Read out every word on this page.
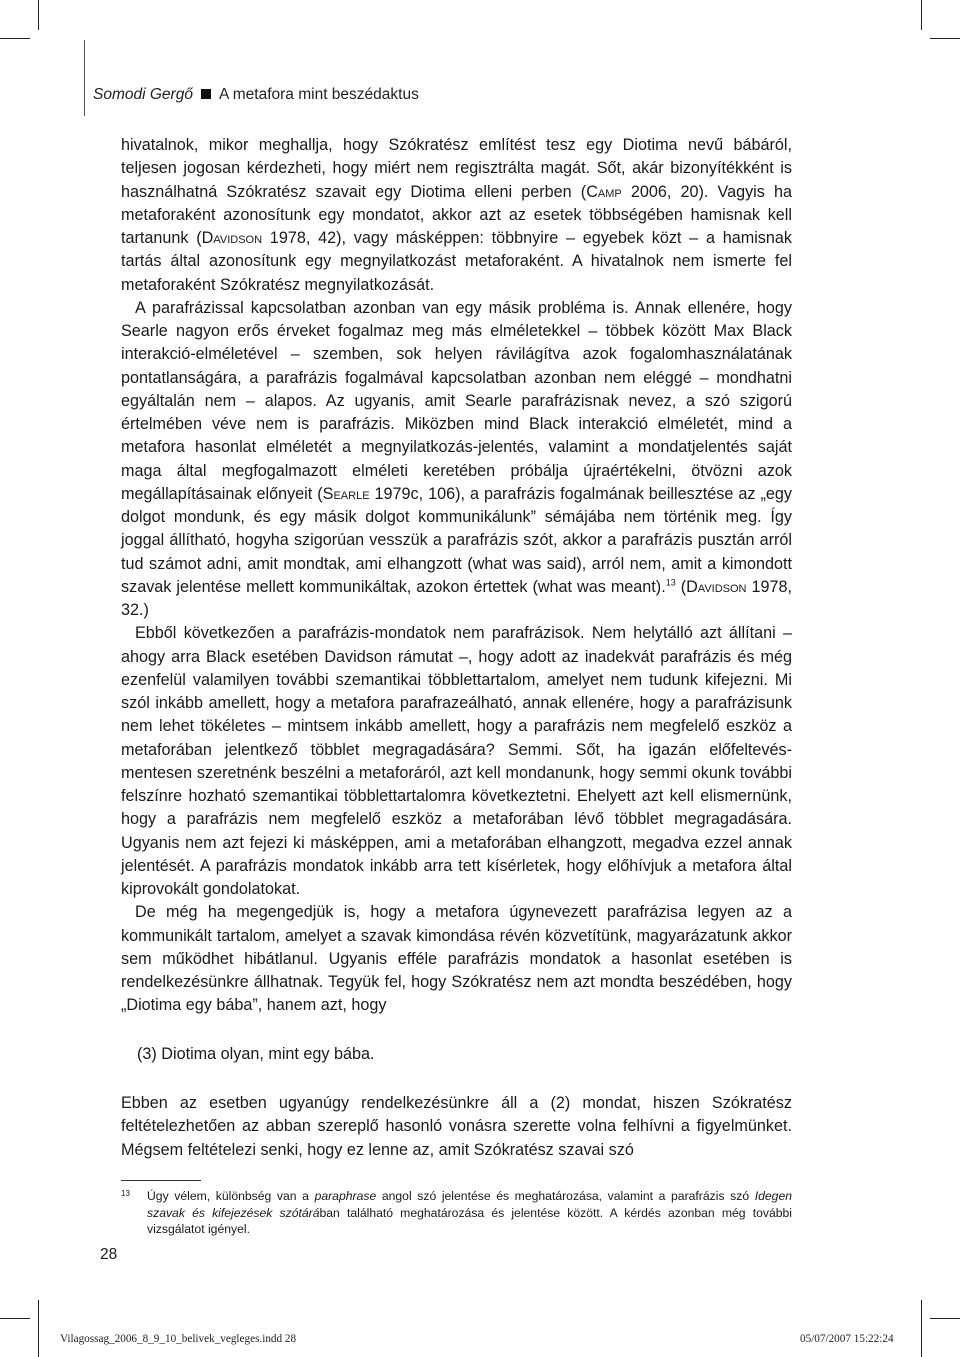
Somodi Gergő A metafora mint beszédaktus

hivatalnok, mikor meghallja, hogy Szókratész említést tesz egy Diotima nevű bábáról, teljesen jogosan kérdezheti, hogy miért nem regisztrálta magát. Sőt, akár bizonyítékként is használhatná Szókratész szavait egy Diotima elleni perben (Camp 2006, 20). Vagyis ha metaforaként azonosítunk egy mondatot, akkor azt az esetek többségében hamisnak kell tartanunk (Davidson 1978, 42), vagy másképpen: többnyire – egyebek közt – a hamisnak tartás által azonosítunk egy megnyilatkozást metaforaként. A hivatalnok nem ismerte fel metaforaként Szókratész megnyilatkozását.

A parafrázissal kapcsolatban azonban van egy másik probléma is. Annak ellenére, hogy Searle nagyon erős érveket fogalmaz meg más elméletekkel – többek között Max Black interakció-elméletével – szemben, sok helyen rávilágítva azok fogalomhasználatának pontatlanságára, a parafrázis fogalmával kapcsolatban azonban nem eléggé – mondhatni egyáltalán nem – alapos. Az ugyanis, amit Searle parafrázisnak nevez, a szó szigorú értelmében véve nem is parafrázis. Miközben mind Black interakció elméletét, mind a metafora hasonlat elméletét a megnyilatkozás-jelentés, valamint a mondatjelentés saját maga által megfogalmazott elméleti keretében próbálja újraértékelni, ötvözni azok megállapításainak előnyeit (Searle 1979c, 106), a parafrázis fogalmának beillesztése az „egy dolgot mondunk, és egy másik dolgot kommunikálunk” sémájába nem történik meg. Így joggal állítható, hogyha szigorúan vesszük a parafrázis szót, akkor a parafrázis pusztán arról tud számot adni, amit mondtak, ami elhangzott (what was said), arról nem, amit a kimondott szavak jelentése mellett kommunikáltak, azokon értettek (what was meant).$^{13}$ (Davidson 1978, 32.)

Ebből következően a parafrázis-mondatok nem parafrázisok. Nem helytálló azt állítani – ahogy arra Black esetében Davidson rámutat –, hogy adott az inadekvát parafrázis és még ezenfelül valamilyen további szemantikai többlettartalom, amelyet nem tudunk kifejezni. Mi szól inkább amellett, hogy a metafora parafrazeálható, annak ellenére, hogy a parafrázisunk nem lehet tökéletes – mintsem inkább amellett, hogy a parafrázis nem megfelelő eszköz a metaforában jelentkező többlet megragadására? Semmi. Sőt, ha igazán előfeltevés-mentesen szeretnénk beszélni a metaforáról, azt kell mondanunk, hogy semmi okunk további felszínre hozható szemantikai többlettartalomra következtetni. Ehelyett azt kell elismernünk, hogy a parafrázis nem megfelelő eszköz a metaforában lévő többlet megragadására. Ugyanis nem azt fejezi ki másképpen, ami a metaforában elhangzott, megadva ezzel annak jelentését. A parafrázis mondatok inkább arra tett kísérletek, hogy előhívjuk a metafora által kiprovokált gondolatokat.

De még ha megengedjük is, hogy a metafora úgynevezett parafrázisa legyen az a kommunikált tartalom, amelyet a szavak kimondása révén közvetítünk, magyarázatunk akkor sem működhet hibátlanul. Ugyanis efféle parafrázis mondatok a hasonlat esetében is rendelkezésünkre állhatnak. Tegyük fel, hogy Szókratész nem azt mondta beszédében, hogy „Diotima egy bába”, hanem azt, hogy

(3) Diotima olyan, mint egy bába.
Ebben az esetben ugyanúgy rendelkezésünkre áll a (2) mondat, hiszen Szókratész feltételezhetően az abban szereplő hasonló vonásra szerette volna felhívni a figyelmünket. Mégsem feltételezi senki, hogy ez lenne az, amit Szókratész szavai szó
13 Úgy vélem, különbség van a paraphrase angol szó jelentése és meghatározása, valamint a parafrázis szó Idegen szavak és kifejezések szótárában található meghatározása és jelentése között. A kérdés azonban még további vizsgálatot igényel.
28
Vilagossag_2006_8_9_10_belivek_vegleges.indd 28	05/07/2007 15:22:24
